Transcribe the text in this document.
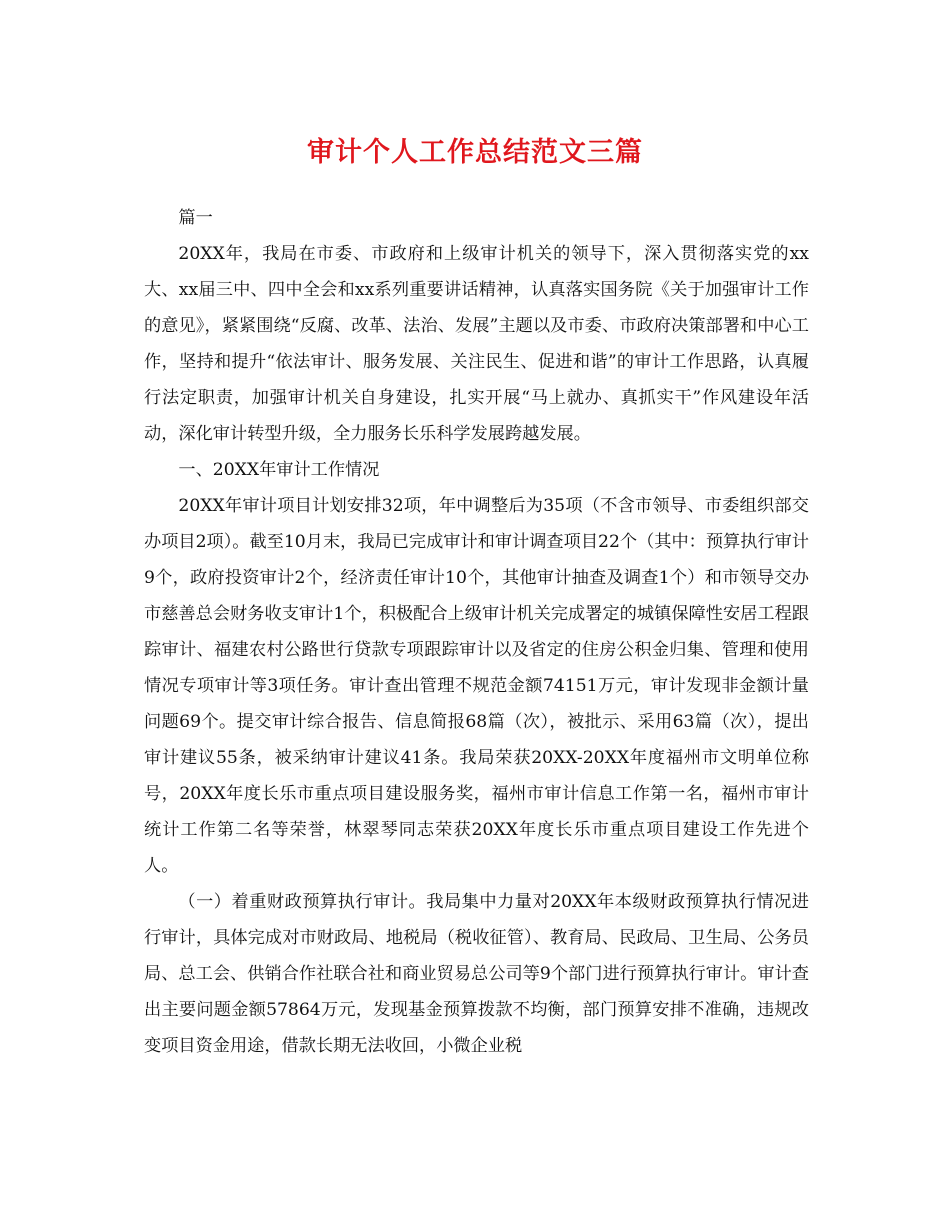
审计个人工作总结范文三篇

篇一

20XX年，我局在市委、市政府和上级审计机关的领导下，深入贯彻落实党的xx大、xx届三中、四中全会和xx系列重要讲话精神，认真落实国务院《关于加强审计工作的意见》，紧紧围绕“反腐、改革、法治、发展”主题以及市委、市政府决策部署和中心工作，坚持和提升“依法审计、服务发展、关注民生、促进和谐”的审计工作思路，认真履行法定职责，加强审计机关自身建设，扎实开展“马上就办、真抓实干”作风建设年活动，深化审计转型升级，全力服务长乐科学发展跨越发展。

一、20XX年审计工作情况

20XX年审计项目计划安排32项，年中调整后为35项（不含市领导、市委组织部交办项目2项）。截至10月末，我局已完成审计和审计调查项目22个（其中：预算执行审计9个，政府投资审计2个，经济责任审计10个，其他审计抽查及调查1个）和市领导交办市慈善总会财务收支审计1个，积极配合上级审计机关完成署定的城镇保障性安居工程跟踪审计、福建农村公路世行贷款专项跟踪审计以及省定的住房公积金归集、管理和使用情况专项审计等3项任务。审计查出管理不规范金额74151万元，审计发现非金额计量问题69个。提交审计综合报告、信息简报68篇（次），被批示、采用63篇（次），提出审计建议55条，被采纳审计建议41条。我局荣获20XX-20XX年度福州市文明单位称号，20XX年度长乐市重点项目建设服务奖，福州市审计信息工作第一名，福州市审计统计工作第二名等荣誉，林翠琴同志荣获20XX年度长乐市重点项目建设工作先进个人。

（一）着重财政预算执行审计。我局集中力量对20XX年本级财政预算执行情况进行审计，具体完成对市财政局、地税局（税收征管）、教育局、民政局、卫生局、公务员局、总工会、供销合作社联合社和商业贸易总公司等9个部门进行预算执行审计。审计查出主要问题金额57864万元，发现基金预算拨款不均衡，部门预算安排不准确，违规改变项目资金用途，借款长期无法收回，小微企业税
